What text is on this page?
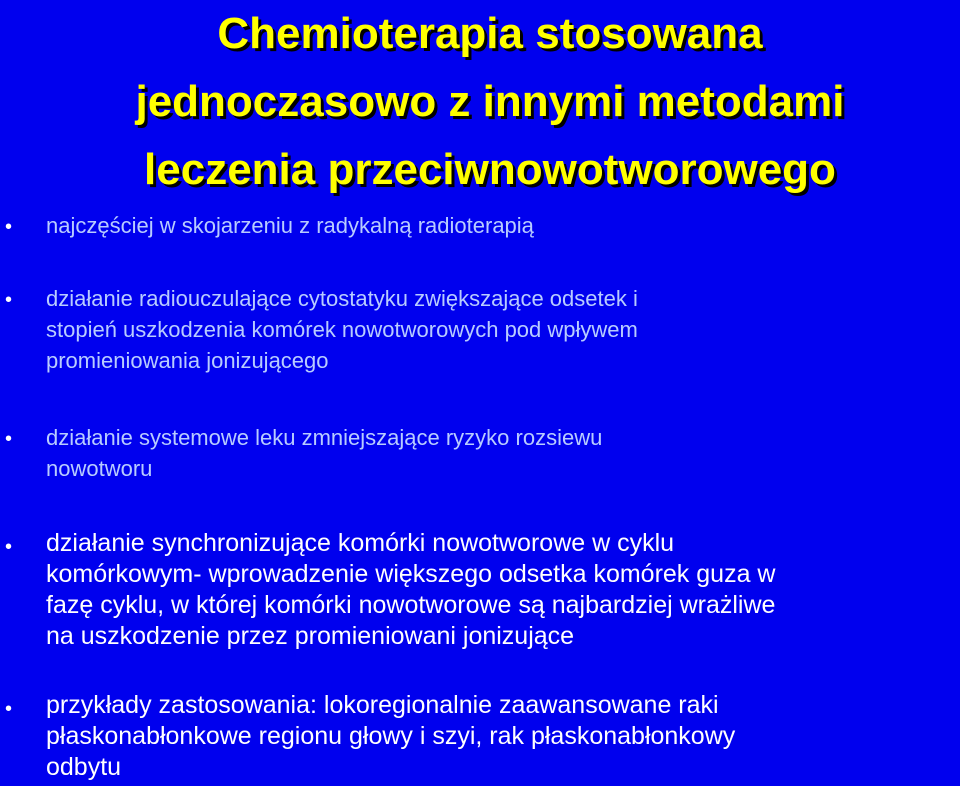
Chemioterapia stosowana
jednoczasowo z innymi metodami
leczenia przeciwnowotworowego
• najczęściej w skojarzeniu z radykalną radioterapią
• działanie radiouczulające cytostatyku zwiększające odsetek i
stopień uszkodzenia komórek nowotworowych pod wpływem
promieniowania jonizującego
• działanie systemowe leku zmniejszające ryzyko rozsiewu
nowotworu
• działanie synchronizujące komórki nowotworowe w cyklu
komórkowym- wprowadzenie większego odsetka komórek guza w
fazę cyklu, w której komórki nowotworowe są najbardziej wrażliwe
na uszkodzenie przez promieniowani jonizujące
• przykłady zastosowania: lokoregionalnie zaawansowane raki
płaskonabłonkowe regionu głowy i szyi, rak płaskonabłonkowy
odbytu
